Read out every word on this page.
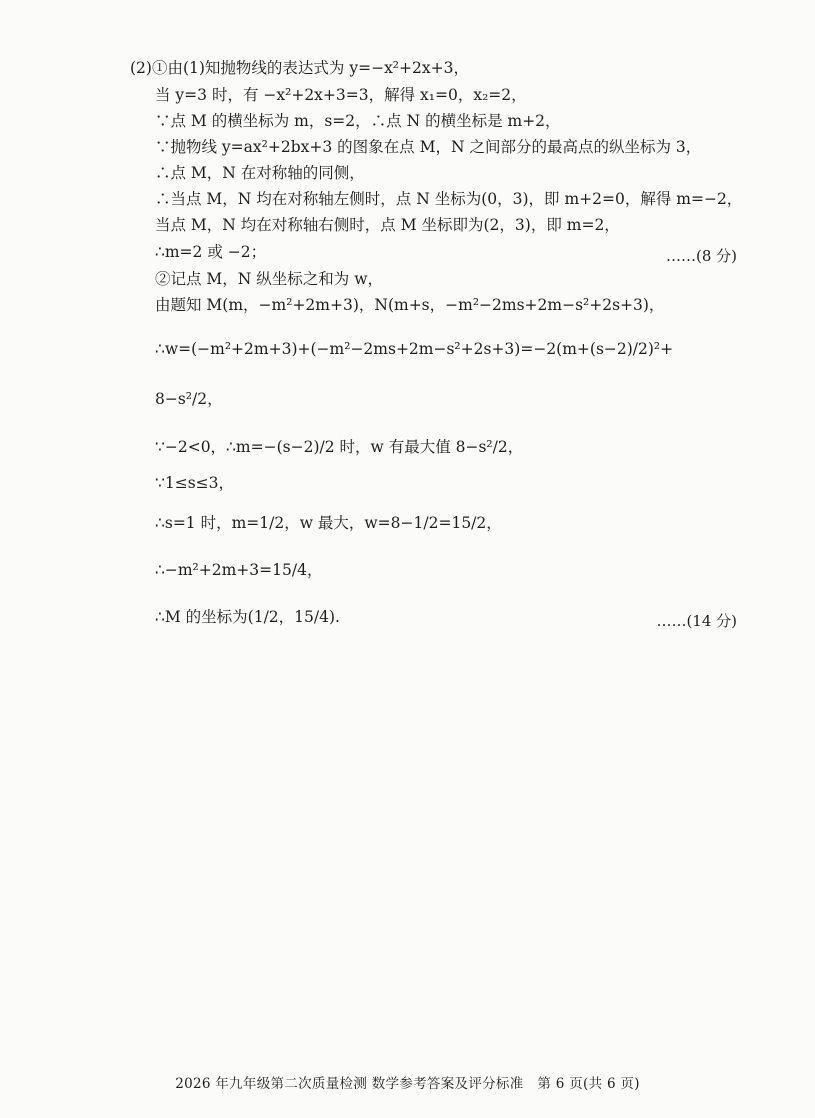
(2)①由(1)知抛物线的表达式为 y=−x²+2x+3，
当 y=3 时，有 −x²+2x+3=3，解得 x₁=0，x₂=2，
∵点 M 的横坐标为 m，s=2，∴点 N 的横坐标是 m+2，
∵抛物线 y=ax²+2bx+3 的图象在点 M，N 之间部分的最高点的纵坐标为 3，
∴点 M，N 在对称轴的同侧，
∴当点 M，N 均在对称轴左侧时，点 N 坐标为(0，3)，即 m+2=0，解得 m=−2，
当点 M，N 均在对称轴右侧时，点 M 坐标即为(2，3)，即 m=2，
∴m=2 或 −2；	……(8 分)
②记点 M，N 纵坐标之和为 w，
由题知 M(m，−m²+2m+3)，N(m+s，−m²−2ms+2m−s²+2s+3)，
∴w=(−m²+2m+3)+(−m²−2ms+2m−s²+2s+3)=−2(m+(s−2)/2)²+
8−s²/2，
∵−2<0，∴m=−(s−2)/2 时，w 有最大值 8−s²/2，
∵1≤s≤3，
∴s=1 时，m=1/2，w 最大，w=8−1/2=15/2，
∴−m²+2m+3=15/4，
∴M 的坐标为(1/2，15/4).	……(14 分)
2026 年九年级第二次质量检测 数学参考答案及评分标准　第 6 页(共 6 页)
